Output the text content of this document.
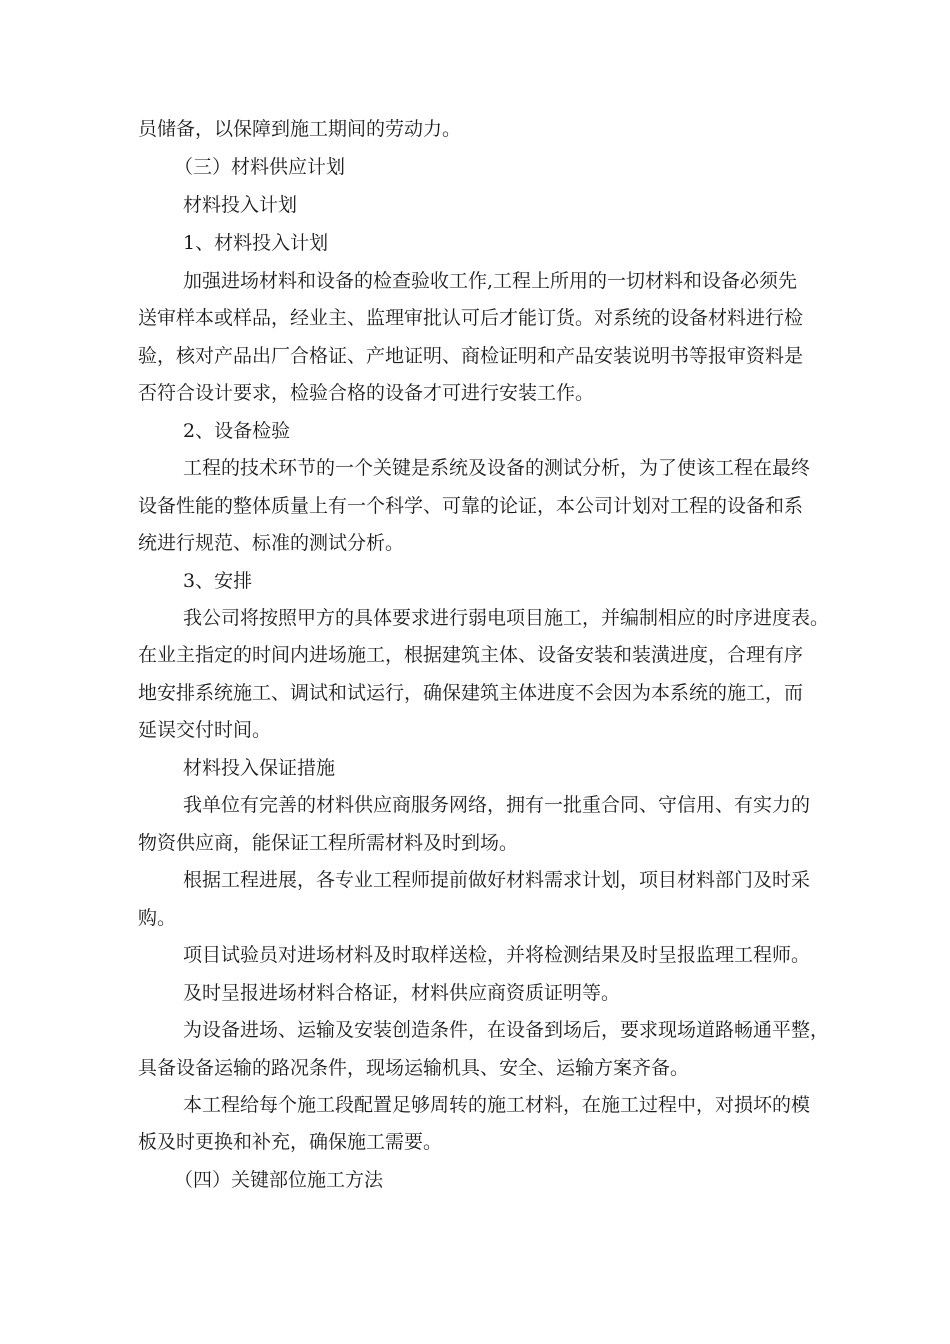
员储备，以保障到施工期间的劳动力。
（三）材料供应计划
材料投入计划
1、材料投入计划
加强进场材料和设备的检查验收工作,工程上所用的一切材料和设备必须先
送审样本或样品，经业主、监理审批认可后才能订货。对系统的设备材料进行检
验，核对产品出厂合格证、产地证明、商检证明和产品安装说明书等报审资料是
否符合设计要求，检验合格的设备才可进行安装工作。
2、设备检验
工程的技术环节的一个关键是系统及设备的测试分析，为了使该工程在最终
设备性能的整体质量上有一个科学、可靠的论证，本公司计划对工程的设备和系
统进行规范、标准的测试分析。
3、安排
我公司将按照甲方的具体要求进行弱电项目施工，并编制相应的时序进度表。
在业主指定的时间内进场施工，根据建筑主体、设备安装和装潢进度，合理有序
地安排系统施工、调试和试运行，确保建筑主体进度不会因为本系统的施工，而
延误交付时间。
材料投入保证措施
我单位有完善的材料供应商服务网络，拥有一批重合同、守信用、有实力的
物资供应商，能保证工程所需材料及时到场。
根据工程进展，各专业工程师提前做好材料需求计划，项目材料部门及时采
购。
项目试验员对进场材料及时取样送检，并将检测结果及时呈报监理工程师。
及时呈报进场材料合格证，材料供应商资质证明等。
为设备进场、运输及安装创造条件，在设备到场后，要求现场道路畅通平整，
具备设备运输的路况条件，现场运输机具、安全、运输方案齐备。
本工程给每个施工段配置足够周转的施工材料，在施工过程中，对损坏的模
板及时更换和补充，确保施工需要。
（四）关键部位施工方法
